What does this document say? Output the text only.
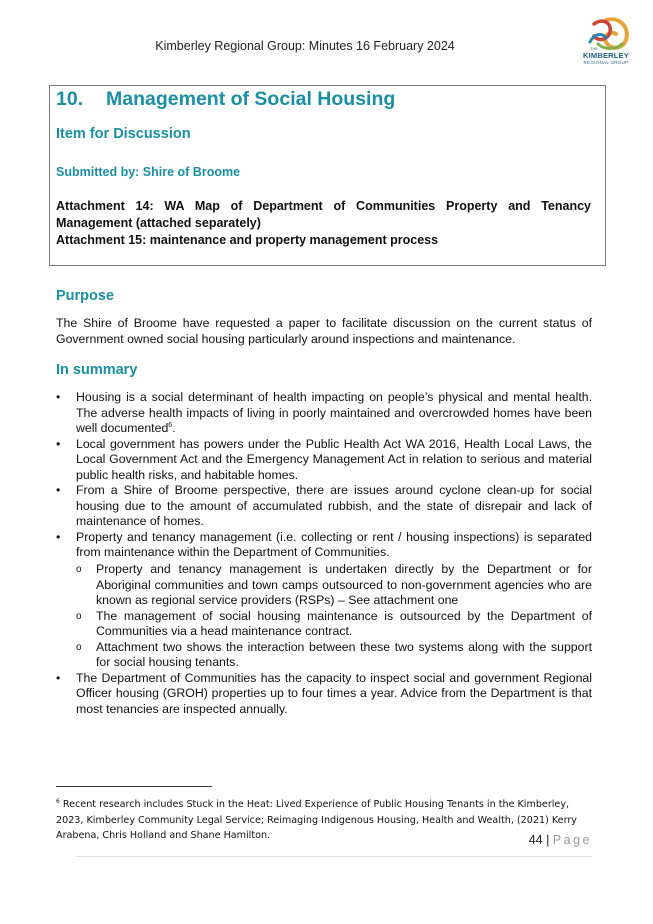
Kimberley Regional Group: Minutes 16 February 2024	THE
KIMBERLEY
REGIONAL GROUP
10. Management of Social Housing
Item for Discussion
Submitted by: Shire of Broome

Attachment 14: WA Map of Department of Communities Property and Tenancy Management (attached separately)

Attachment 15: maintenance and property management process

Purpose
The Shire of Broome have requested a paper to facilitate discussion on the current status of Government owned social housing particularly around inspections and maintenance.
In summary
• Housing is a social determinant of health impacting on people’s physical and mental health. The adverse health impacts of living in poorly maintained and overcrowded homes have been well documented$^6$.
• Local government has powers under the Public Health Act WA 2016, Health Local Laws, the Local Government Act and the Emergency Management Act in relation to serious and material public health risks, and habitable homes.
• From a Shire of Broome perspective, there are issues around cyclone clean-up for social housing due to the amount of accumulated rubbish, and the state of disrepair and lack of maintenance of homes.
• Property and tenancy management (i.e. collecting or rent / housing inspections) is separated from maintenance within the Department of Communities.
o Property and tenancy management is undertaken directly by the Department or for Aboriginal communities and town camps outsourced to non-government agencies who are known as regional service providers (RSPs) – See attachment one
o The management of social housing maintenance is outsourced by the Department of Communities via a head maintenance contract.
o Attachment two shows the interaction between these two systems along with the support for social housing tenants.
• The Department of Communities has the capacity to inspect social and government Regional Officer housing (GROH) properties up to four times a year. Advice from the Department is that most tenancies are inspected annually.
$^6$ Recent research includes Stuck in the Heat: Lived Experience of Public Housing Tenants in the Kimberley, 2023, Kimberley Community Legal Service; Reimaging Indigenous Housing, Health and Wealth, (2021) Kerry Arabena, Chris Holland and Shane Hamilton.	44 | Page
